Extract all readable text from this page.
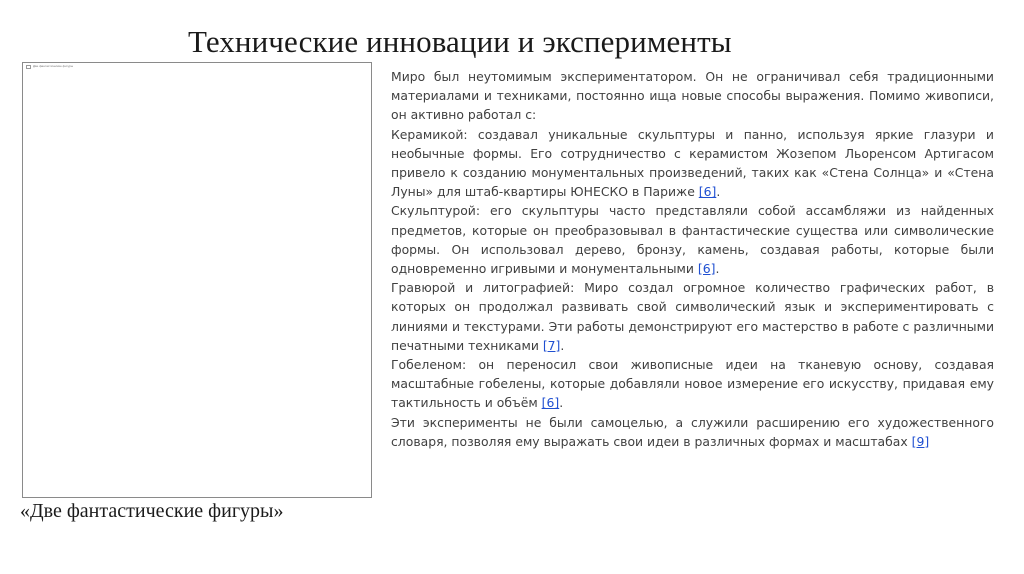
Технические инновации и эксперименты
Две фантастические фигуры

«Две фантастические фигуры»

Миро был неутомимым экспериментатором. Он не ограничивал себя традиционными материалами и техниками, постоянно ища новые способы выражения. Помимо живописи, он активно работал с:

Керамикой: создавал уникальные скульптуры и панно, используя яркие глазури и необычные формы. Его сотрудничество с керамистом Жозепом Льоренсом Артигасом привело к созданию монументальных произведений, таких как «Стена Солнца» и «Стена Луны» для штаб-квартиры ЮНЕСКО в Париже [6].

Скульптурой: его скульптуры часто представляли собой ассамбляжи из найденных предметов, которые он преобразовывал в фантастические существа или символические формы. Он использовал дерево, бронзу, камень, создавая работы, которые были одновременно игривыми и монументальными [6].

Гравюрой и литографией: Миро создал огромное количество графических работ, в которых он продолжал развивать свой символический язык и экспериментировать с линиями и текстурами. Эти работы демонстрируют его мастерство в работе с различными печатными техниками [7].

Гобеленом: он переносил свои живописные идеи на тканевую основу, создавая масштабные гобелены, которые добавляли новое измерение его искусству, придавая ему тактильность и объём [6].

Эти эксперименты не были самоцелью, а служили расширению его художественного словаря, позволяя ему выражать свои идеи в различных формах и масштабах [9]
